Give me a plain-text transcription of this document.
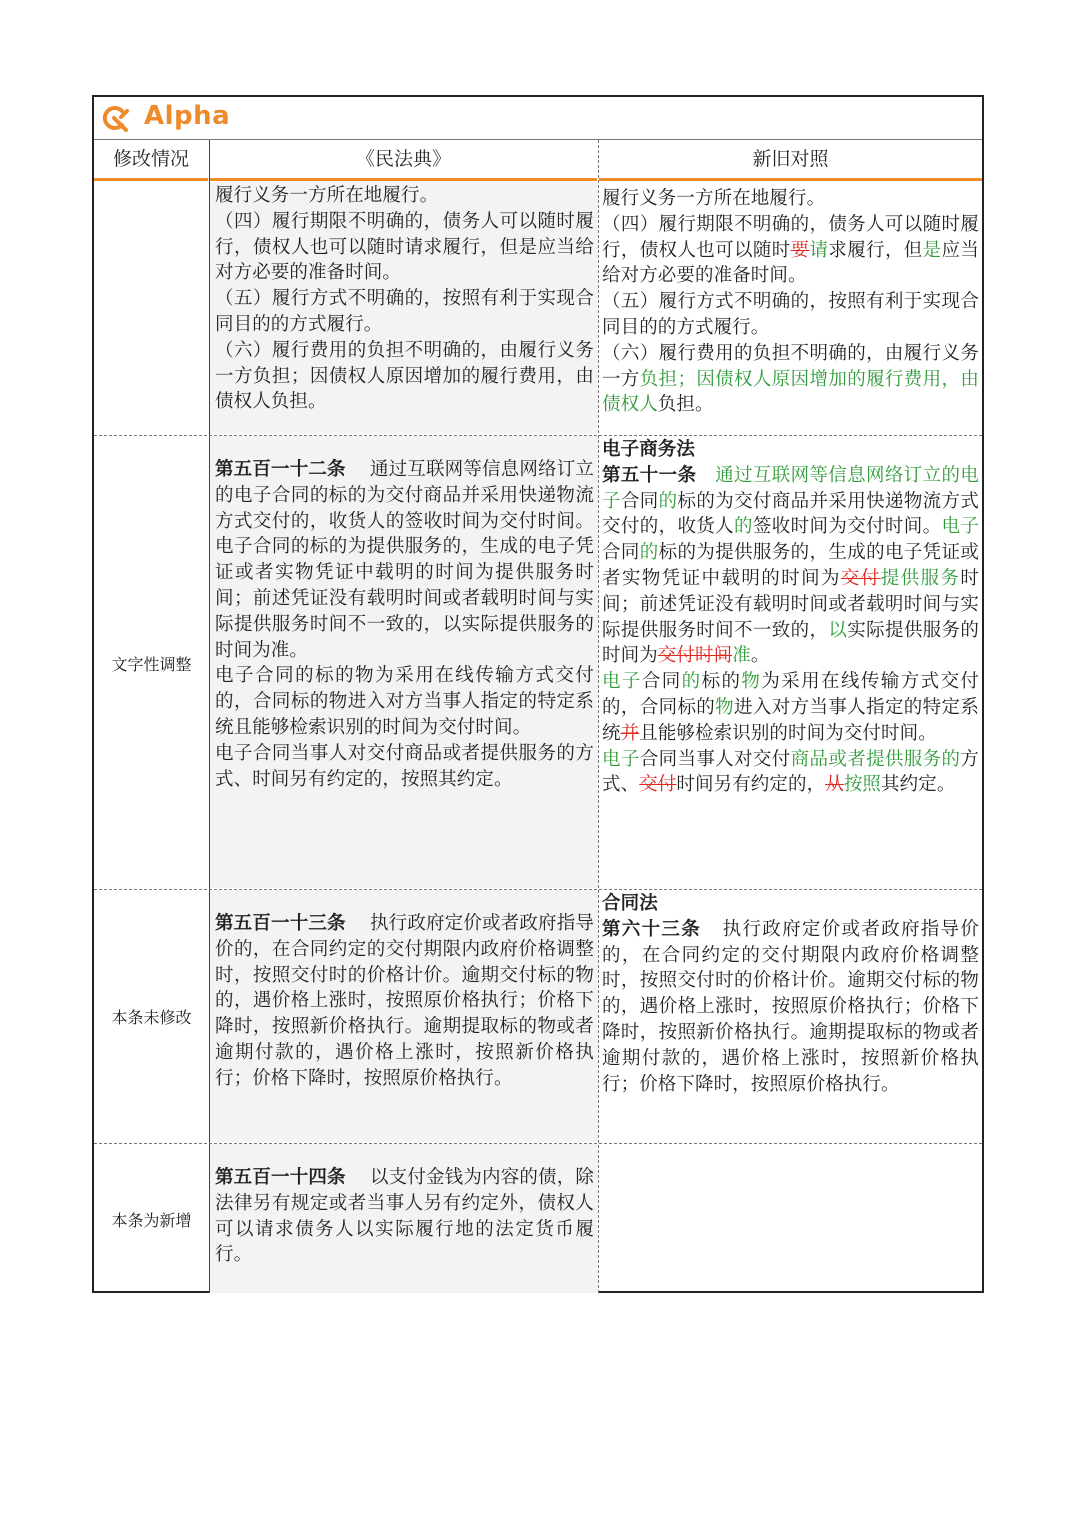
Alpha
修改情况	《民法典》	新旧对照
履行义务一方所在地履行。
（四）履行期限不明确的，债务人可以随时履行，债权人也可以随时请求履行，但是应当给对方必要的准备时间。
（五）履行方式不明确的，按照有利于实现合同目的的方式履行。
（六）履行费用的负担不明确的，由履行义务一方负担；因债权人原因增加的履行费用，由债权人负担。
履行义务一方所在地履行。
（四）履行期限不明确的，债务人可以随时履行，债权人也可以随时要请求履行，但是应当给对方必要的准备时间。
（五）履行方式不明确的，按照有利于实现合同目的的方式履行。
（六）履行费用的负担不明确的，由履行义务一方负担；因债权人原因增加的履行费用，由债权人负担。
文字性调整
第五百一十二条 通过互联网等信息网络订立的电子合同的标的为交付商品并采用快递物流方式交付的，收货人的签收时间为交付时间。电子合同的标的为提供服务的，生成的电子凭证或者实物凭证中载明的时间为提供服务时间；前述凭证没有载明时间或者载明时间与实际提供服务时间不一致的，以实际提供服务的时间为准。
电子合同的标的物为采用在线传输方式交付的，合同标的物进入对方当事人指定的特定系统且能够检索识别的时间为交付时间。
电子合同当事人对交付商品或者提供服务的方式、时间另有约定的，按照其约定。
电子商务法
第五十一条 通过互联网等信息网络订立的电子合同的标的为交付商品并采用快递物流方式交付的，收货人的签收时间为交付时间。电子合同的标的为提供服务的，生成的电子凭证或者实物凭证中载明的时间为交付提供服务时间；前述凭证没有载明时间或者载明时间与实际提供服务时间不一致的，以实际提供服务的时间为交付时间准。
电子合同的标的物为采用在线传输方式交付的，合同标的物进入对方当事人指定的特定系统并且能够检索识别的时间为交付时间。
电子合同当事人对交付商品或者提供服务的方式、交付时间另有约定的，从按照其约定。
本条未修改
第五百一十三条 执行政府定价或者政府指导价的，在合同约定的交付期限内政府价格调整时，按照交付时的价格计价。逾期交付标的物的，遇价格上涨时，按照原价格执行；价格下降时，按照新价格执行。逾期提取标的物或者逾期付款的，遇价格上涨时，按照新价格执行；价格下降时，按照原价格执行。
合同法
第六十三条 执行政府定价或者政府指导价的，在合同约定的交付期限内政府价格调整时，按照交付时的价格计价。逾期交付标的物的，遇价格上涨时，按照原价格执行；价格下降时，按照新价格执行。逾期提取标的物或者逾期付款的，遇价格上涨时，按照新价格执行；价格下降时，按照原价格执行。
本条为新增
第五百一十四条 以支付金钱为内容的债，除法律另有规定或者当事人另有约定外，债权人可以请求债务人以实际履行地的法定货币履行。
